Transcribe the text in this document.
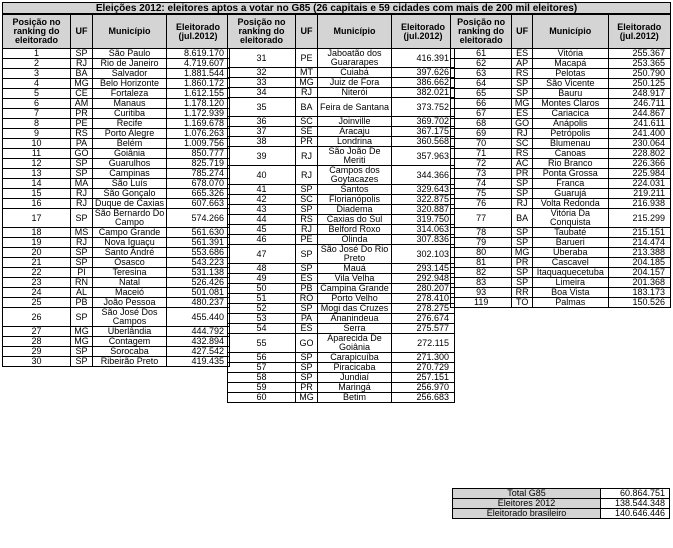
Eleições 2012: eleitores aptos a votar no G85 (26 capitais e 59 cidades com mais de 200 mil eleitores)
Posição no ranking do eleitorado	UF	Município	Eleitorado (jul.2012)
1	SP	São Paulo	8.619.170
2	RJ	Rio de Janeiro	4.719.607
3	BA	Salvador	1.881.544
4	MG	Belo Horizonte	1.860.172
5	CE	Fortaleza	1.612.155
6	AM	Manaus	1.178.120
7	PR	Curitiba	1.172.939
8	PE	Recife	1.169.678
9	RS	Porto Alegre	1.076.263
10	PA	Belém	1.009.756
11	GO	Goiânia	850.777
12	SP	Guarulhos	825.719
13	SP	Campinas	785.274
14	MA	São Luís	678.070
15	RJ	São Gonçalo	665.326
16	RJ	Duque de Caxias	607.663
17	SP	São Bernardo Do Campo	574.266
18	MS	Campo Grande	561.630
19	RJ	Nova Iguaçu	561.391
20	SP	Santo André	553.686
21	SP	Osasco	543.223
22	PI	Teresina	531.138
23	RN	Natal	526.426
24	AL	Maceió	501.081
25	PB	João Pessoa	480.237
26	SP	São José Dos Campos	455.440
27	MG	Uberlândia	444.792
28	MG	Contagem	432.894
29	SP	Sorocaba	427.542
30	SP	Ribeirão Preto	419.435
Posição no ranking do eleitorado	UF	Município	Eleitorado (jul.2012)
31	PE	Jaboatão dos Guararapes	416.391
32	MT	Cuiabá	397.626
33	MG	Juiz de Fora	386.662
34	RJ	Niterói	382.021
35	BA	Feira de Santana	373.752
36	SC	Joinville	369.702
37	SE	Aracaju	367.175
38	PR	Londrina	360.568
39	RJ	São João De Meriti	357.963
40	RJ	Campos dos Goytacazes	344.366
41	SP	Santos	329.643
42	SC	Florianópolis	322.875
43	SP	Diadema	320.887
44	RS	Caxias do Sul	319.750
45	RJ	Belford Roxo	314.063
46	PE	Olinda	307.836
47	SP	São José Do Rio Preto	302.103
48	SP	Mauá	293.145
49	ES	Vila Velha	292.948
50	PB	Campina Grande	280.207
51	RO	Porto Velho	278.410
52	SP	Mogi das Cruzes	278.275
53	PA	Ananindeua	276.674
54	ES	Serra	275.577
55	GO	Aparecida De Goiânia	272.115
56	SP	Carapicuíba	271.300
57	SP	Piracicaba	270.729
58	SP	Jundiaí	257.151
59	PR	Maringá	256.970
60	MG	Betim	256.683
Posição no ranking do eleitorado	UF	Município	Eleitorado (jul.2012)
61	ES	Vitória	255.367
62	AP	Macapá	253.365
63	RS	Pelotas	250.790
64	SP	São Vicente	250.125
65	SP	Bauru	248.917
66	MG	Montes Claros	246.711
67	ES	Cariacica	244.867
68	GO	Anápolis	241.611
69	RJ	Petrópolis	241.400
70	SC	Blumenau	230.064
71	RS	Canoas	228.802
72	AC	Rio Branco	226.366
73	PR	Ponta Grossa	225.984
74	SP	Franca	224.031
75	SP	Guarujá	219.211
76	RJ	Volta Redonda	216.938
77	BA	Vitória Da Conquista	215.299
78	SP	Taubaté	215.151
79	SP	Barueri	214.474
80	MG	Uberaba	213.388
81	PR	Cascavel	204.185
82	SP	Itaquaquecetuba	204.157
83	SP	Limeira	201.368
93	RR	Boa Vista	183.173
119	TO	Palmas	150.526
Total G85	60.864.751
Eleitores 2012	138.544.348
Eleitorado brasileiro	140.646.446
